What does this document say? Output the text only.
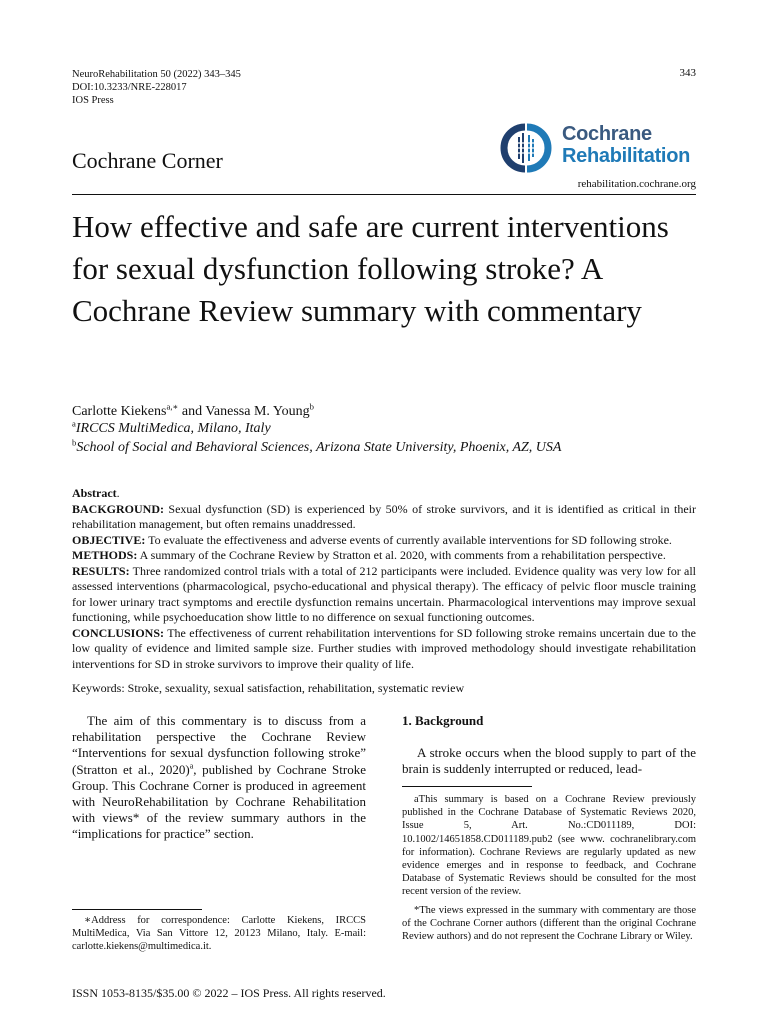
NeuroRehabilitation 50 (2022) 343–345
DOI:10.3233/NRE-228017
IOS Press
343
Cochrane Corner
Cochrane
Rehabilitation
rehabilitation.cochrane.org
How effective and safe are current interventions for sexual dysfunction following stroke? A Cochrane Review summary with commentary
Carlotte Kiekens$^{a,∗}$ and Vanessa M. Young$^b$
$^a$IRCCS MultiMedica, Milano, Italy
$^b$School of Social and Behavioral Sciences, Arizona State University, Phoenix, AZ, USA

Abstract.

BACKGROUND: Sexual dysfunction (SD) is experienced by 50% of stroke survivors, and it is identified as critical in their rehabilitation management, but often remains unaddressed.

OBJECTIVE: To evaluate the effectiveness and adverse events of currently available interventions for SD following stroke.

METHODS: A summary of the Cochrane Review by Stratton et al. 2020, with comments from a rehabilitation perspective.

RESULTS: Three randomized control trials with a total of 212 participants were included. Evidence quality was very low for all assessed interventions (pharmacological, psycho-educational and physical therapy). The efficacy of pelvic floor muscle training for lower urinary tract symptoms and erectile dysfunction remains uncertain. Pharmacological interventions may improve sexual functioning, while psychoeducation show little to no difference on sexual functioning outcomes.

CONCLUSIONS: The effectiveness of current rehabilitation interventions for SD following stroke remains uncertain due to the low quality of evidence and limited sample size. Further studies with improved methodology should investigate rehabilitation interventions for SD in stroke survivors to improve their quality of life.

Keywords: Stroke, sexuality, sexual satisfaction, rehabilitation, systematic review

The aim of this commentary is to discuss from a rehabilitation perspective the Cochrane Review “Interventions for sexual dysfunction following stroke” (Stratton et al., 2020)$^a$, published by Cochrane Stroke Group. This Cochrane Corner is produced in agreement with NeuroRehabilitation by Cochrane Rehabilitation with views* of the review summary authors in the “implications for practice” section.

∗Address for correspondence: Carlotte Kiekens, IRCCS MultiMedica, Via San Vittore 12, 20123 Milano, Italy. E-mail: carlotte.kiekens@multimedica.it.

1. Background

A stroke occurs when the blood supply to part of the brain is suddenly interrupted or reduced, lead-

aThis summary is based on a Cochrane Review previously published in the Cochrane Database of Systematic Reviews 2020, Issue 5, Art. No.:CD011189, DOI: 10.1002/14651858.CD011189.pub2 (see www. cochranelibrary.com for information). Cochrane Reviews are regularly updated as new evidence emerges and in response to feedback, and Cochrane Database of Systematic Reviews should be consulted for the most recent version of the review.

*The views expressed in the summary with commentary are those of the Cochrane Corner authors (different than the original Cochrane Review authors) and do not represent the Cochrane Library or Wiley.

ISSN 1053-8135/$35.00 © 2022 – IOS Press. All rights reserved.
